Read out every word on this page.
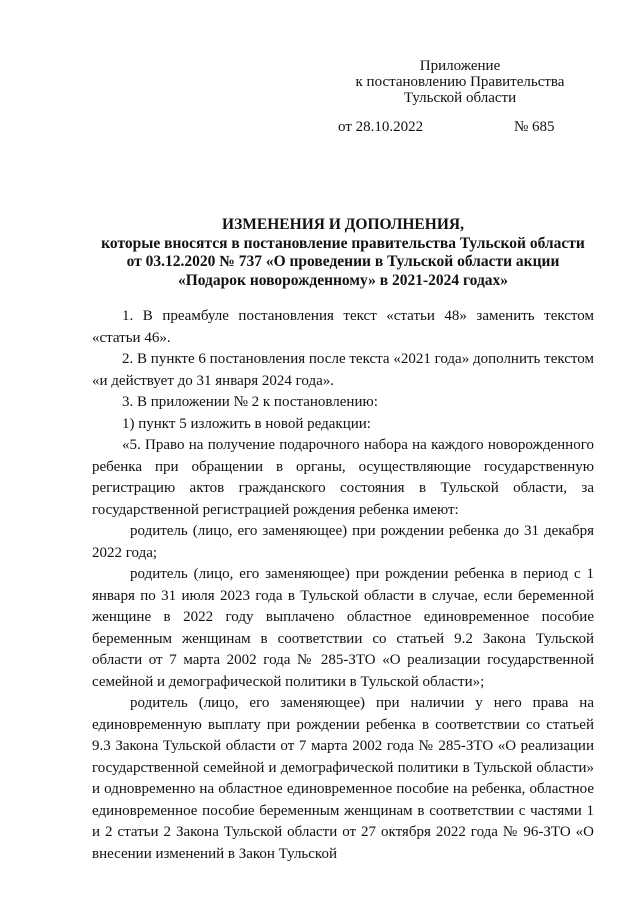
Приложение
к постановлению Правительства
Тульской области
от 28.10.2022	№ 685
ИЗМЕНЕНИЯ И ДОПОЛНЕНИЯ,
которые вносятся в постановление правительства Тульской области
от 03.12.2020 № 737 «О проведении в Тульской области акции
«Подарок новорожденному» в 2021-2024 годах»

1. В преамбуле постановления текст «статьи 48» заменить текстом «статьи 46».

2. В пункте 6 постановления после текста «2021 года» дополнить текстом «и действует до 31 января 2024 года».

3. В приложении № 2 к постановлению:

1) пункт 5 изложить в новой редакции:

«5. Право на получение подарочного набора на каждого новорожденного ребенка при обращении в органы, осуществляющие государственную регистрацию актов гражданского состояния в Тульской области, за государственной регистрацией рождения ребенка имеют:

родитель (лицо, его заменяющее) при рождении ребенка до 31 декабря 2022 года;

родитель (лицо, его заменяющее) при рождении ребенка в период с 1 января по 31 июля 2023 года в Тульской области в случае, если беременной женщине в 2022 году выплачено областное единовременное пособие беременным женщинам в соответствии со статьей 9.2 Закона Тульской области от 7 марта 2002 года № 285-ЗТО «О реализации государственной семейной и демографической политики в Тульской области»;

родитель (лицо, его заменяющее) при наличии у него права на единовременную выплату при рождении ребенка в соответствии со статьей 9.3 Закона Тульской области от 7 марта 2002 года № 285-ЗТО «О реализации государственной семейной и демографической политики в Тульской области» и одновременно на областное единовременное пособие на ребенка, областное единовременное пособие беременным женщинам в соответствии с частями 1 и 2 статьи 2 Закона Тульской области от 27 октября 2022 года № 96-ЗТО «О внесении изменений в Закон Тульской
